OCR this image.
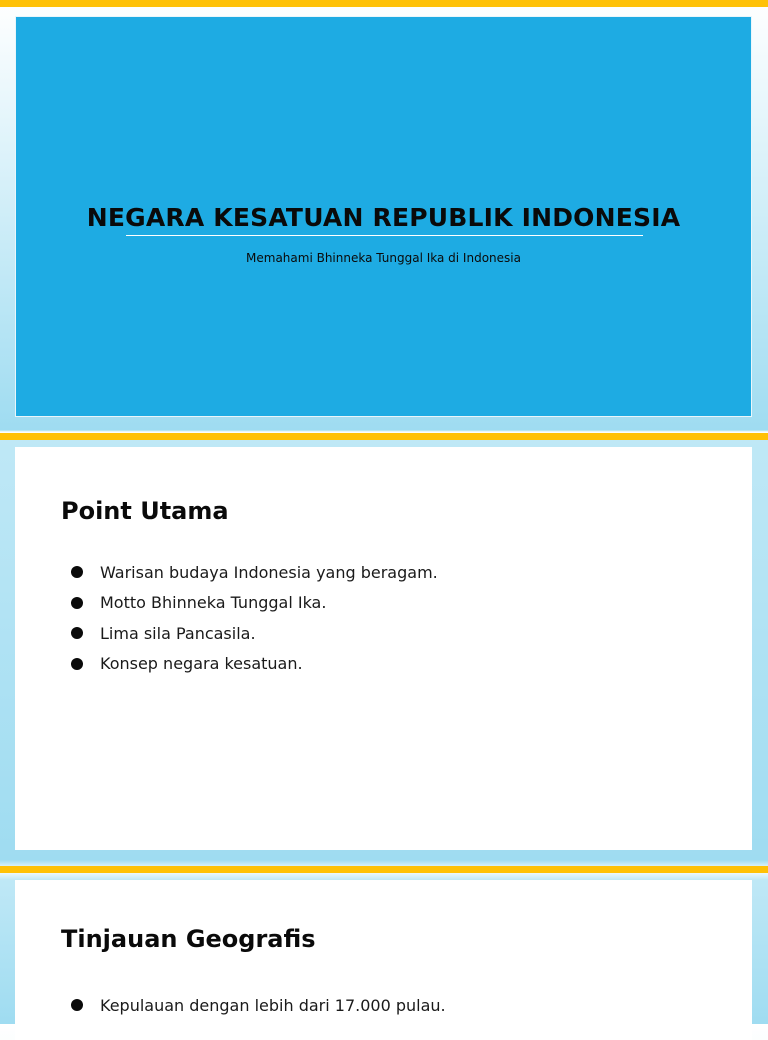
NEGARA KESATUAN REPUBLIK INDONESIA
Memahami Bhinneka Tunggal Ika di Indonesia
Point Utama
Warisan budaya Indonesia yang beragam.
Motto Bhinneka Tunggal Ika.
Lima sila Pancasila.
Konsep negara kesatuan.
Tinjauan Geografis
Kepulauan dengan lebih dari 17.000 pulau.
